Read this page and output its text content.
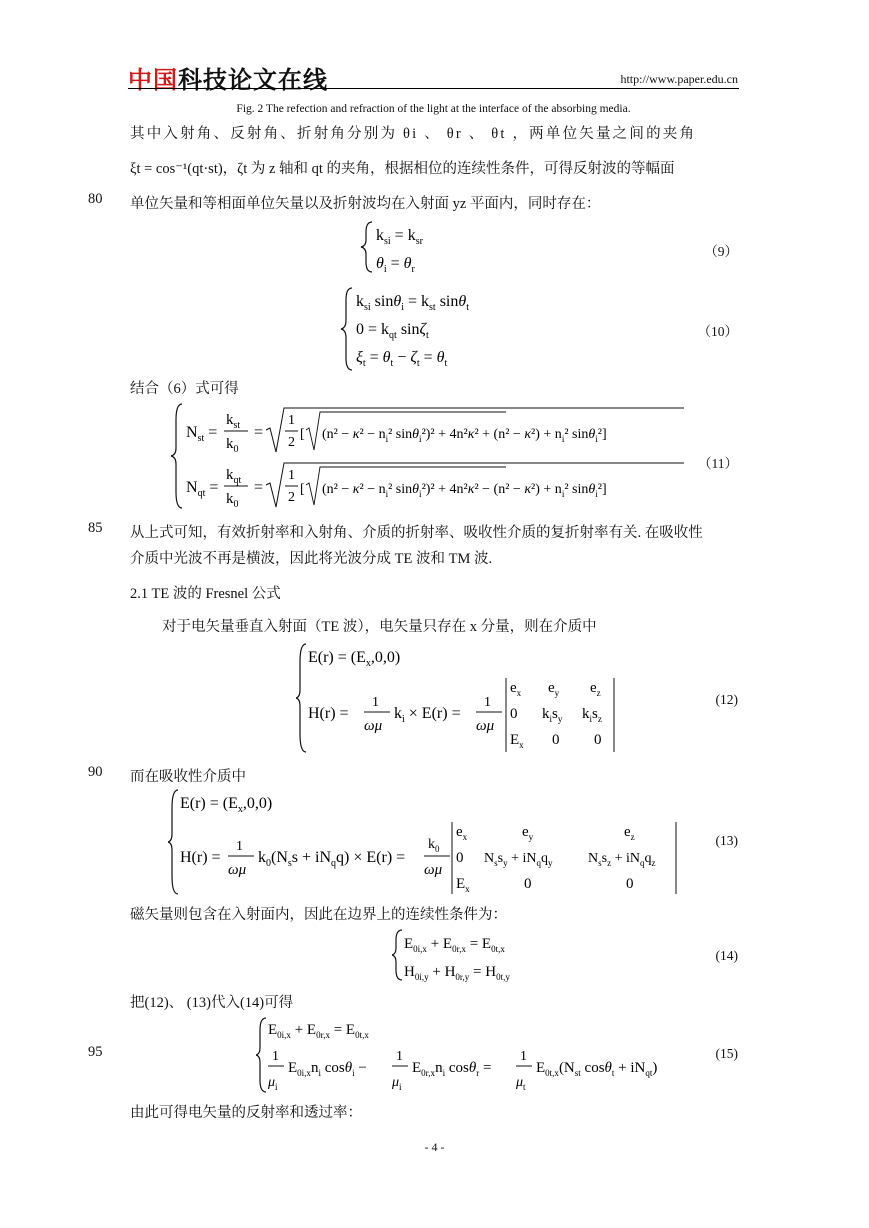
中国科技论文在线	http://www.paper.edu.cn
Fig. 2 The refection and refraction of the light at the interface of the absorbing media.
其中入射角、反射角、折射角分别为 θi 、 θr 、 θt ，两单位矢量之间的夹角
ξt = cos⁻¹(qt·st)，ζt 为 z 轴和 qt 的夹角，根据相位的连续性条件，可得反射波的等幅面
80 单位矢量和等相面单位矢量以及折射波均在入射面 yz 平面内，同时存在：
$k_{si} = k_{sr}$
$\theta_i = \theta_r$
（9）
$k_{si}$ $\sin\theta_i = k_{st}$ sinθ$_t$
$0 = k_{qt}$ sinζ$_t$
$\xi_t = \theta_t - \zeta_t = \theta_t$
（10）
结合（6）式可得
$N_{st}$ =
$k_{st}$
$k_0$
=
1
2
[ ($n^2 - \kappa^2 - n_i^2$ $\sin\theta_i^2)^2 + 4n^2\kappa^2 + (n^2 - \kappa^2) + n_i^2$ sinθ$_i$²]
$N_{qt}$ =
$k_{qt}$
$k_0$
=
1
2
[ ($n^2 - \kappa^2 - n_i^2$ $\sin\theta_i^2)^2 + 4n^2\kappa^2 - (n^2 - \kappa^2) + n_i^2$ sinθ$_i$²]
（11）
85 从上式可知，有效折射率和入射角、介质的折射率、吸收性介质的复折射率有关. 在吸收性
介质中光波不再是横波，因此将光波分成 TE 波和 TM 波.
2.1 TE 波的 Fresnel 公式
对于电矢量垂直入射面（TE 波），电矢量只存在 x 分量，则在介质中
$E(r) = (E_x,0,0)$
H(r) =
1
ωμ
$k_i \times E(r)$ =
1
ωμ
$e_x$ $e_y$ $e_z$
0 $k_is_y$ $k_is_z$
$E_x$ 0 0
(12)
90 而在吸收性介质中
$E(r) = (E_x,0,0)$
H(r) =
1
ωμ
$k_0(N_ss + iN_qq) \times E(r)$ =
$k_0$
ωμ
$e_x$	$e_y$	$e_z$
0 $N_ss_y + iN_qq_y$	$N_ss_z + iN_qq_z$
$E_x$	0	0
(13)
磁矢量则包含在入射面内，因此在边界上的连续性条件为：
$E_{0i,x} + E_{0r,x} = E_{0t,x}$
$H_{0i,y} + H_{0r,y} = H_{0t,y}$
(14)
把(12)、 (13)代入(14)可得
95
$E_{0i,x} + E_{0r,x} = E_{0t,x}$
1
$\mu_i$
$E_{0i,x}n_i$ cosθ$_i$ −
1
$\mu_i$
$E_{0r,x}n_i$ cosθ$_r$ =
1
$\mu_t$
$E_{0t,x}(N_{st}$ $\cos\theta_t + iN_{qt}$)
(15)
由此可得电矢量的反射率和透过率：
- 4 -
